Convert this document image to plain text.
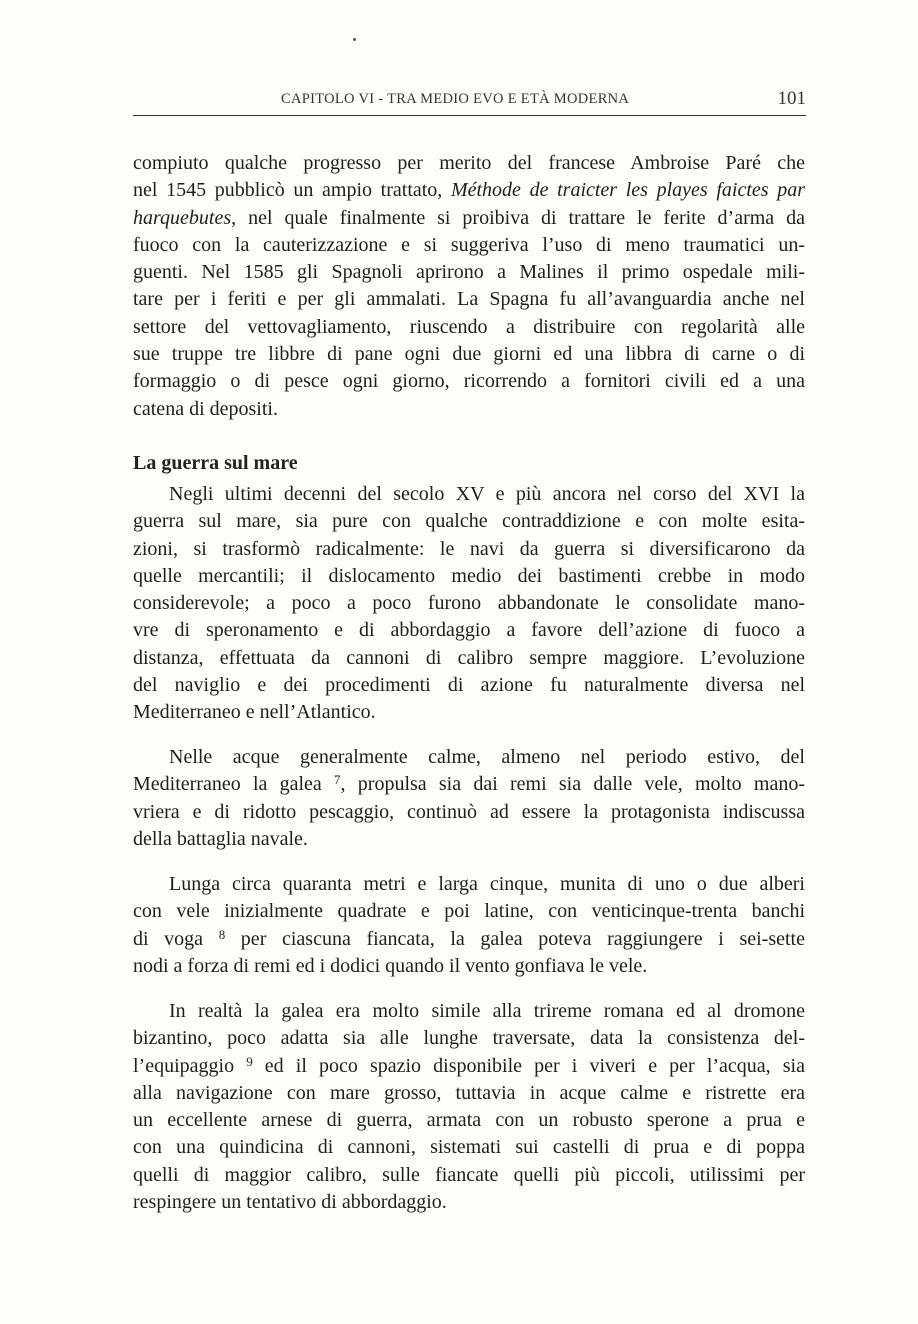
CAPITOLO VI - TRA MEDIO EVO E ETÀ MODERNA	101
compiuto qualche progresso per merito del francese Ambroise Paré che
nel 1545 pubblicò un ampio trattato, Méthode de traicter les playes faictes par
harquebutes, nel quale finalmente si proibiva di trattare le ferite d’arma da
fuoco con la cauterizzazione e si suggeriva l’uso di meno traumatici un-
guenti. Nel 1585 gli Spagnoli aprirono a Malines il primo ospedale mili-
tare per i feriti e per gli ammalati. La Spagna fu all’avanguardia anche nel
settore del vettovagliamento, riuscendo a distribuire con regolarità alle
sue truppe tre libbre di pane ogni due giorni ed una libbra di carne o di
formaggio o di pesce ogni giorno, ricorrendo a fornitori civili ed a una
catena di depositi.
La guerra sul mare
Negli ultimi decenni del secolo XV e più ancora nel corso del XVI la
guerra sul mare, sia pure con qualche contraddizione e con molte esita-
zioni, si trasformò radicalmente: le navi da guerra si diversificarono da
quelle mercantili; il dislocamento medio dei bastimenti crebbe in modo
considerevole; a poco a poco furono abbandonate le consolidate mano-
vre di speronamento e di abbordaggio a favore dell’azione di fuoco a
distanza, effettuata da cannoni di calibro sempre maggiore. L’evoluzione
del naviglio e dei procedimenti di azione fu naturalmente diversa nel
Mediterraneo e nell’Atlantico.
Nelle acque generalmente calme, almeno nel periodo estivo, del
Mediterraneo la galea $^7$, propulsa sia dai remi sia dalle vele, molto mano-
vriera e di ridotto pescaggio, continuò ad essere la protagonista indiscussa
della battaglia navale.
Lunga circa quaranta metri e larga cinque, munita di uno o due alberi
con vele inizialmente quadrate e poi latine, con venticinque-trenta banchi
di voga $^8$ per ciascuna fiancata, la galea poteva raggiungere i sei-sette
nodi a forza di remi ed i dodici quando il vento gonfiava le vele.
In realtà la galea era molto simile alla trireme romana ed al dromone
bizantino, poco adatta sia alle lunghe traversate, data la consistenza del-
l’equipaggio $^9$ ed il poco spazio disponibile per i viveri e per l’acqua, sia
alla navigazione con mare grosso, tuttavia in acque calme e ristrette era
un eccellente arnese di guerra, armata con un robusto sperone a prua e
con una quindicina di cannoni, sistemati sui castelli di prua e di poppa
quelli di maggior calibro, sulle fiancate quelli più piccoli, utilissimi per
respingere un tentativo di abbordaggio.
